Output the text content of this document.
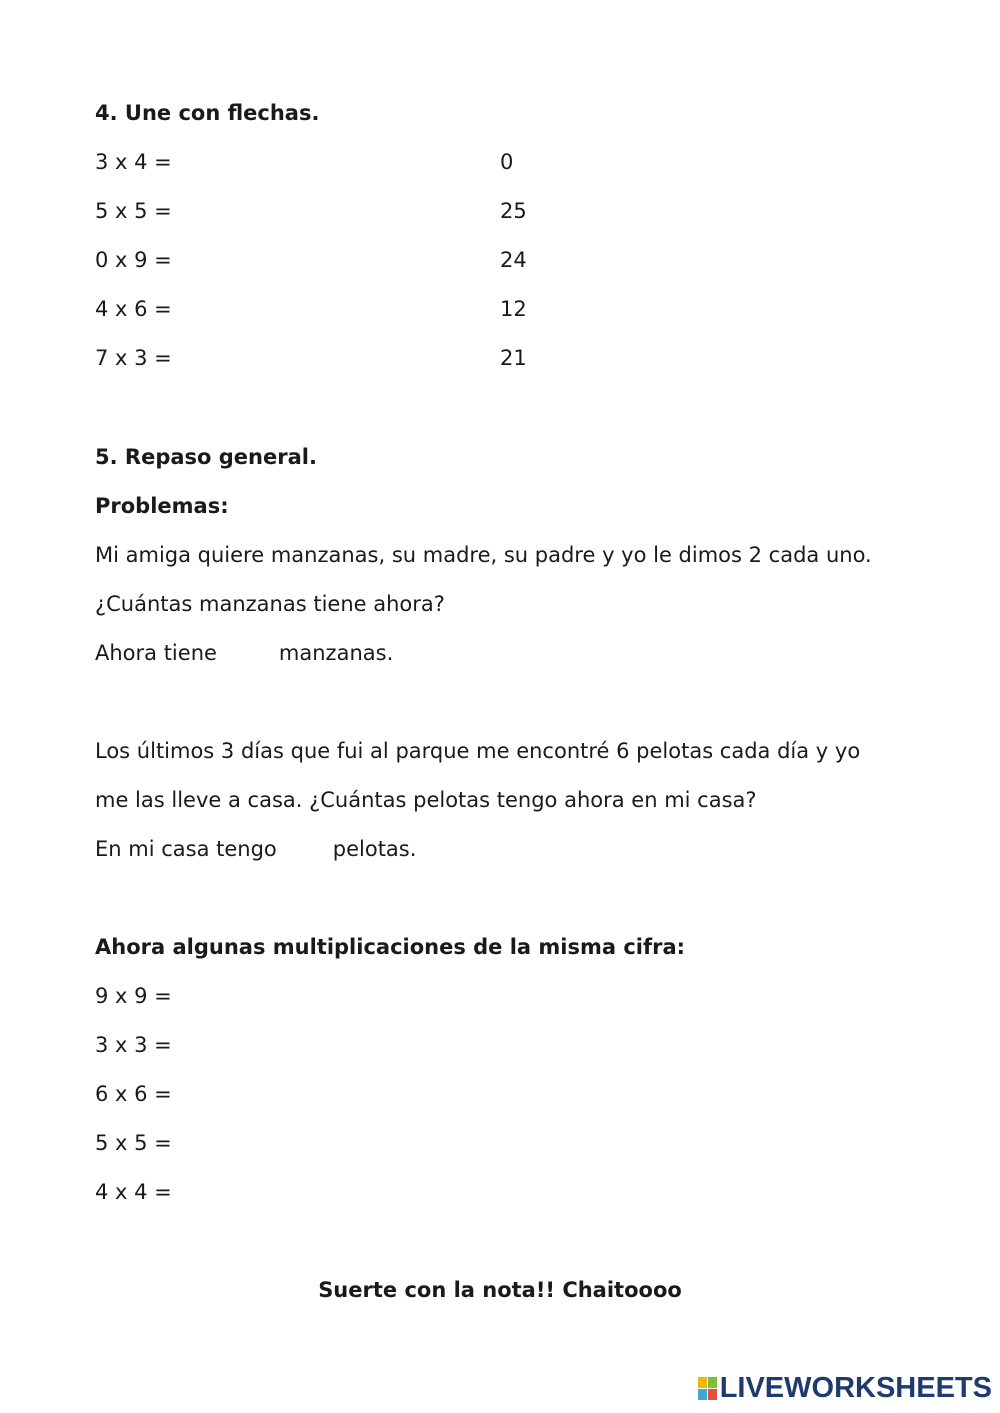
4. Une con flechas.
3 x 4 =
5 x 5 =
0 x 9 =
4 x 6 =
7 x 3 =
0
25
24
12
21
5. Repaso general.
Problemas:
Mi amiga quiere manzanas, su madre, su padre y yo le dimos 2 cada uno.
¿Cuántas manzanas tiene ahora?
Ahora tiene	manzanas.
Los últimos 3 días que fui al parque me encontré 6 pelotas cada día y yo
me las lleve a casa. ¿Cuántas pelotas tengo ahora en mi casa?
En mi casa tengo	pelotas.
Ahora algunas multiplicaciones de la misma cifra:
9 x 9 =
3 x 3 =
6 x 6 =
5 x 5 =
4 x 4 =
Suerte con la nota!! Chaitoooo
LIVEWORKSHEETS
